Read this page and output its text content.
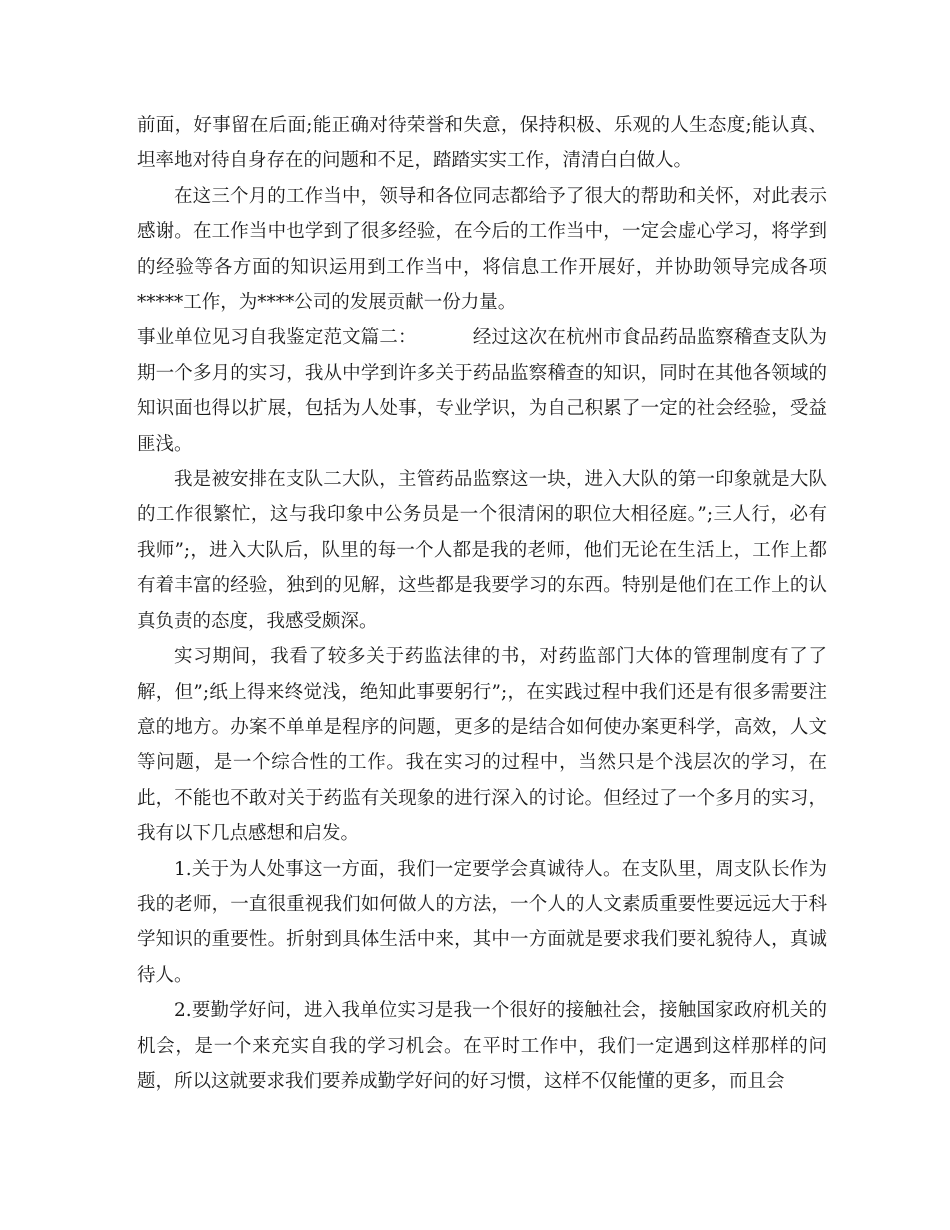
前面，好事留在后面;能正确对待荣誉和失意，保持积极、乐观的人生态度;能认真、坦率地对待自身存在的问题和不足，踏踏实实工作，清清白白做人。

在这三个月的工作当中，领导和各位同志都给予了很大的帮助和关怀，对此表示感谢。在工作当中也学到了很多经验，在今后的工作当中，一定会虚心学习，将学到的经验等各方面的知识运用到工作当中，将信息工作开展好，并协助领导完成各项*****工作，为****公司的发展贡献一份力量。

事业单位见习自我鉴定范文篇二：	经过这次在杭州市食品药品监察稽查支队为期一个多月的实习，我从中学到许多关于药品监察稽查的知识，同时在其他各领域的知识面也得以扩展，包括为人处事，专业学识，为自己积累了一定的社会经验，受益匪浅。

我是被安排在支队二大队，主管药品监察这一块，进入大队的第一印象就是大队的工作很繁忙，这与我印象中公务员是一个很清闲的职位大相径庭。”;三人行，必有我师”;，进入大队后，队里的每一个人都是我的老师，他们无论在生活上，工作上都有着丰富的经验，独到的见解，这些都是我要学习的东西。特别是他们在工作上的认真负责的态度，我感受颇深。

实习期间，我看了较多关于药监法律的书，对药监部门大体的管理制度有了了解，但”;纸上得来终觉浅，绝知此事要躬行”;，在实践过程中我们还是有很多需要注意的地方。办案不单单是程序的问题，更多的是结合如何使办案更科学，高效，人文等问题，是一个综合性的工作。我在实习的过程中，当然只是个浅层次的学习，在此，不能也不敢对关于药监有关现象的进行深入的讨论。但经过了一个多月的实习，我有以下几点感想和启发。

1.关于为人处事这一方面，我们一定要学会真诚待人。在支队里，周支队长作为我的老师，一直很重视我们如何做人的方法，一个人的人文素质重要性要远远大于科学知识的重要性。折射到具体生活中来，其中一方面就是要求我们要礼貌待人，真诚待人。

2.要勤学好问，进入我单位实习是我一个很好的接触社会，接触国家政府机关的机会，是一个来充实自我的学习机会。在平时工作中，我们一定遇到这样那样的问题，所以这就要求我们要养成勤学好问的好习惯，这样不仅能懂的更多，而且会
